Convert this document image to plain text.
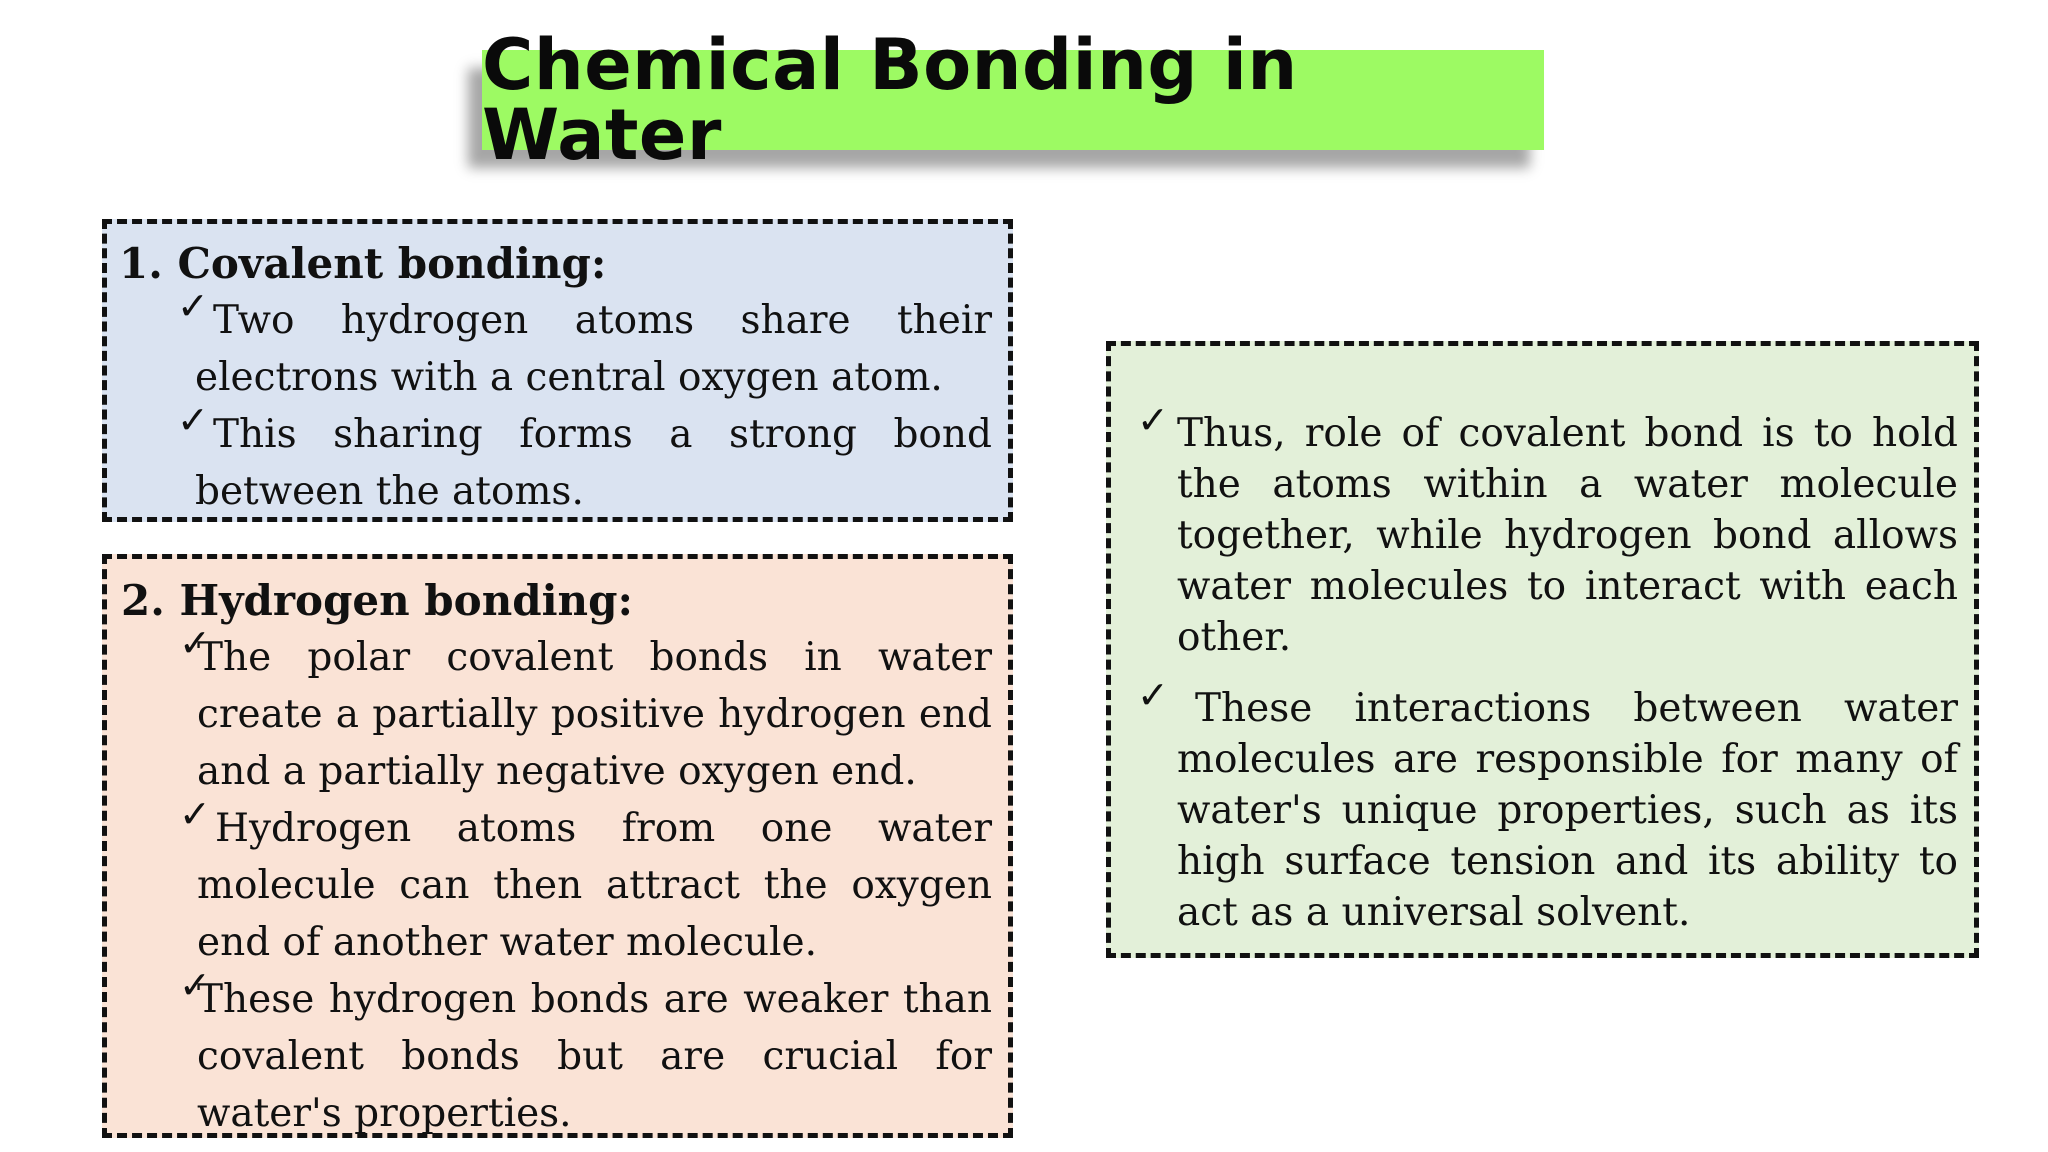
Chemical Bonding in Water

1. Covalent bonding:

✓ Two hydrogen atoms share their electrons with a central oxygen atom.
✓ This sharing forms a strong bond between the atoms.

2. Hydrogen bonding:

✓
The polar covalent bonds in water create a partially positive hydrogen end and a partially negative oxygen end.
✓ Hydrogen atoms from one water molecule can then attract the oxygen end of another water molecule.
✓
These hydrogen bonds are weaker than covalent bonds but are crucial for water's properties.
✓ Thus, role of covalent bond is to hold the atoms within a water molecule together, while hydrogen bond allows water molecules to interact with each other.
✓ These interactions between water molecules are responsible for many of water's unique properties, such as its high surface tension and its ability to act as a universal solvent.
